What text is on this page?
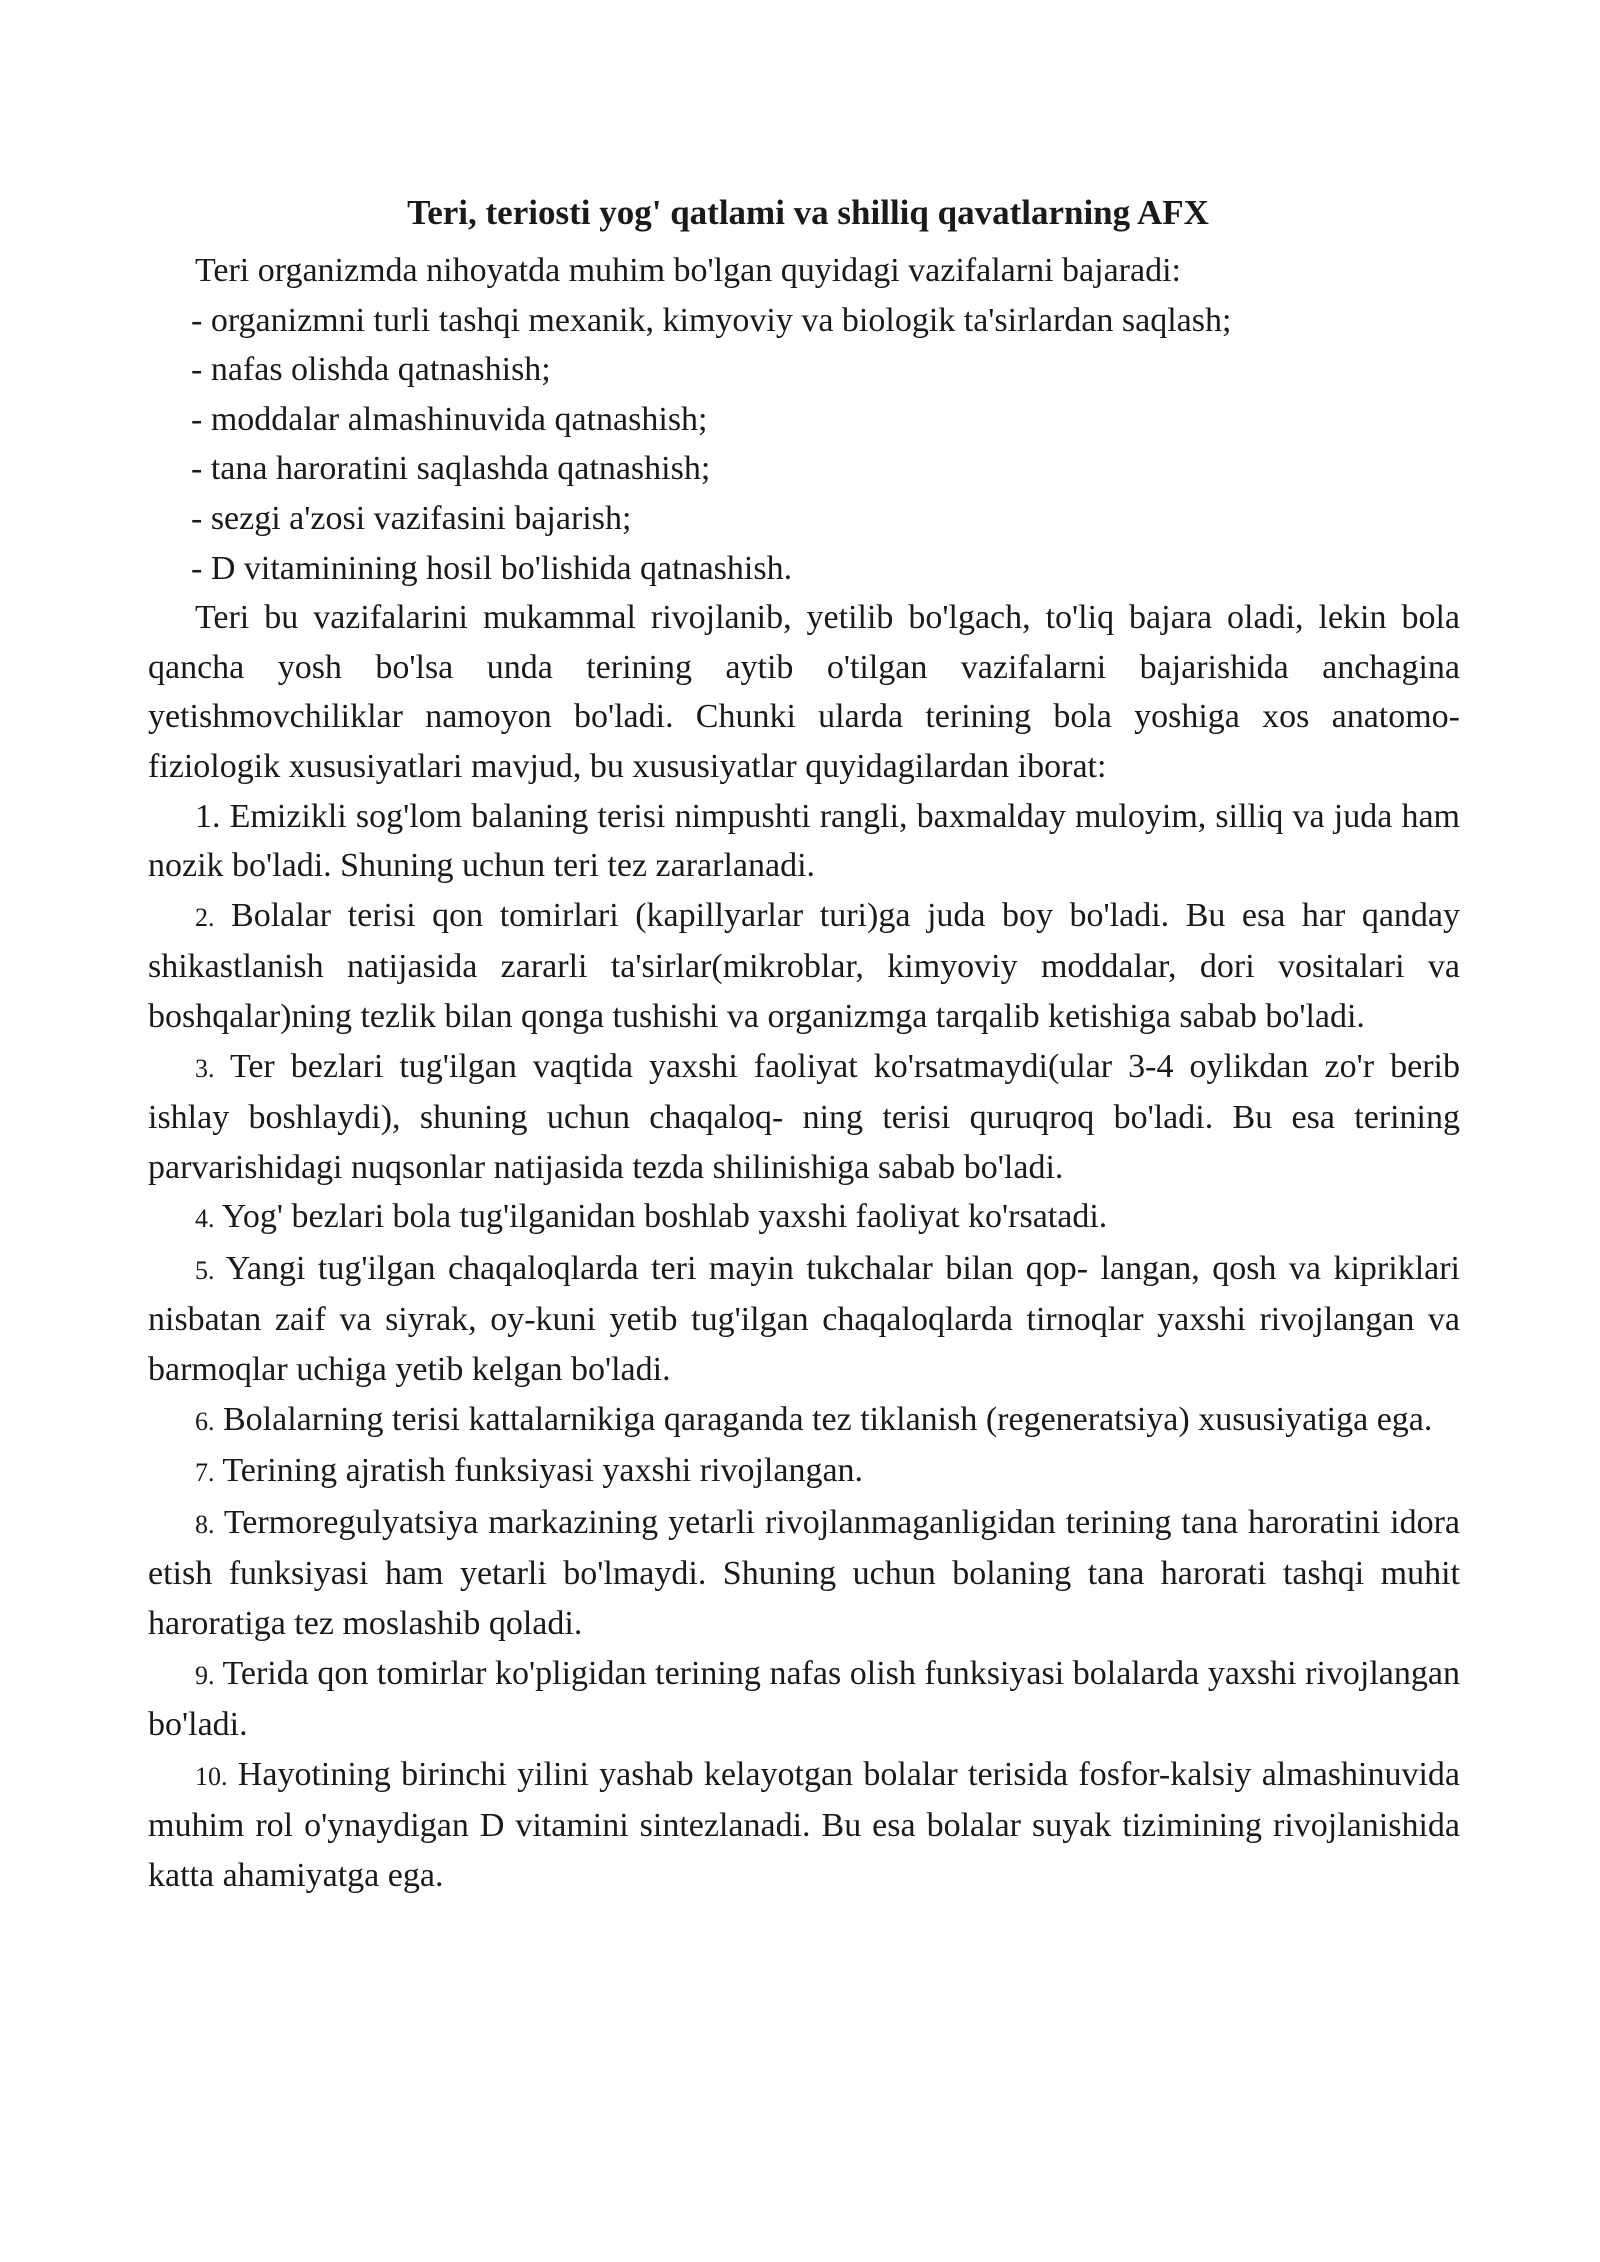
Teri, teriosti yog' qatlami va shilliq qavatlarning AFX

Teri organizmda nihoyatda muhim bo'lgan quyidagi vazifalarni bajaradi:

- organizmni turli tashqi mexanik, kimyoviy va biologik ta'sirlardan saqlash;

- nafas olishda qatnashish;

- moddalar almashinuvida qatnashish;

- tana haroratini saqlashda qatnashish;

- sezgi a'zosi vazifasini bajarish;

- D vitaminining hosil bo'lishida qatnashish.

Teri bu vazifalarini mukammal rivojlanib, yetilib bo'lgach, to'liq bajara oladi, lekin bola qancha yosh bo'lsa unda terining aytib o'tilgan vazifalarni bajarishida anchagina yetishmovchiliklar namoyon bo'ladi. Chunki ularda terining bola yoshiga xos anatomo-fiziologik xususiyatlari mavjud, bu xususiyatlar quyidagilardan iborat:

1. Emizikli sog'lom balaning terisi nimpushti rangli, baxmalday muloyim, silliq va juda ham nozik bo'ladi. Shuning uchun teri tez zararlanadi.

2. Bolalar terisi qon tomirlari (kapillyarlar turi)ga juda boy bo'ladi. Bu esa har qanday shikastlanish natijasida zararli ta'sirlar(mikroblar, kimyoviy moddalar, dori vositalari va boshqalar)ning tezlik bilan qonga tushishi va organizmga tarqalib ketishiga sabab bo'ladi.

3. Ter bezlari tug'ilgan vaqtida yaxshi faoliyat ko'rsatmaydi(ular 3-4 oylikdan zo'r berib ishlay boshlaydi), shuning uchun chaqaloq- ning terisi quruqroq bo'ladi. Bu esa terining parvarishidagi nuqsonlar natijasida tezda shilinishiga sabab bo'ladi.

4. Yog' bezlari bola tug'ilganidan boshlab yaxshi faoliyat ko'rsatadi.

5. Yangi tug'ilgan chaqaloqlarda teri mayin tukchalar bilan qop- langan, qosh va kipriklari nisbatan zaif va siyrak, oy-kuni yetib tug'ilgan chaqaloqlarda tirnoqlar yaxshi rivojlangan va barmoqlar uchiga yetib kelgan bo'ladi.

6. Bolalarning terisi kattalarnikiga qaraganda tez tiklanish (regeneratsiya) xususiyatiga ega.

7. Terining ajratish funksiyasi yaxshi rivojlangan.

8. Termoregulyatsiya markazining yetarli rivojlanmaganligidan terining tana haroratini idora etish funksiyasi ham yetarli bo'lmaydi. Shuning uchun bolaning tana harorati tashqi muhit haroratiga tez moslashib qoladi.

9. Terida qon tomirlar ko'pligidan terining nafas olish funksiyasi bolalarda yaxshi rivojlangan bo'ladi.

10. Hayotining birinchi yilini yashab kelayotgan bolalar terisida fosfor-kalsiy almashinuvida muhim rol o'ynaydigan D vitamini sintezlanadi. Bu esa bolalar suyak tizimining rivojlanishida katta ahamiyatga ega.
